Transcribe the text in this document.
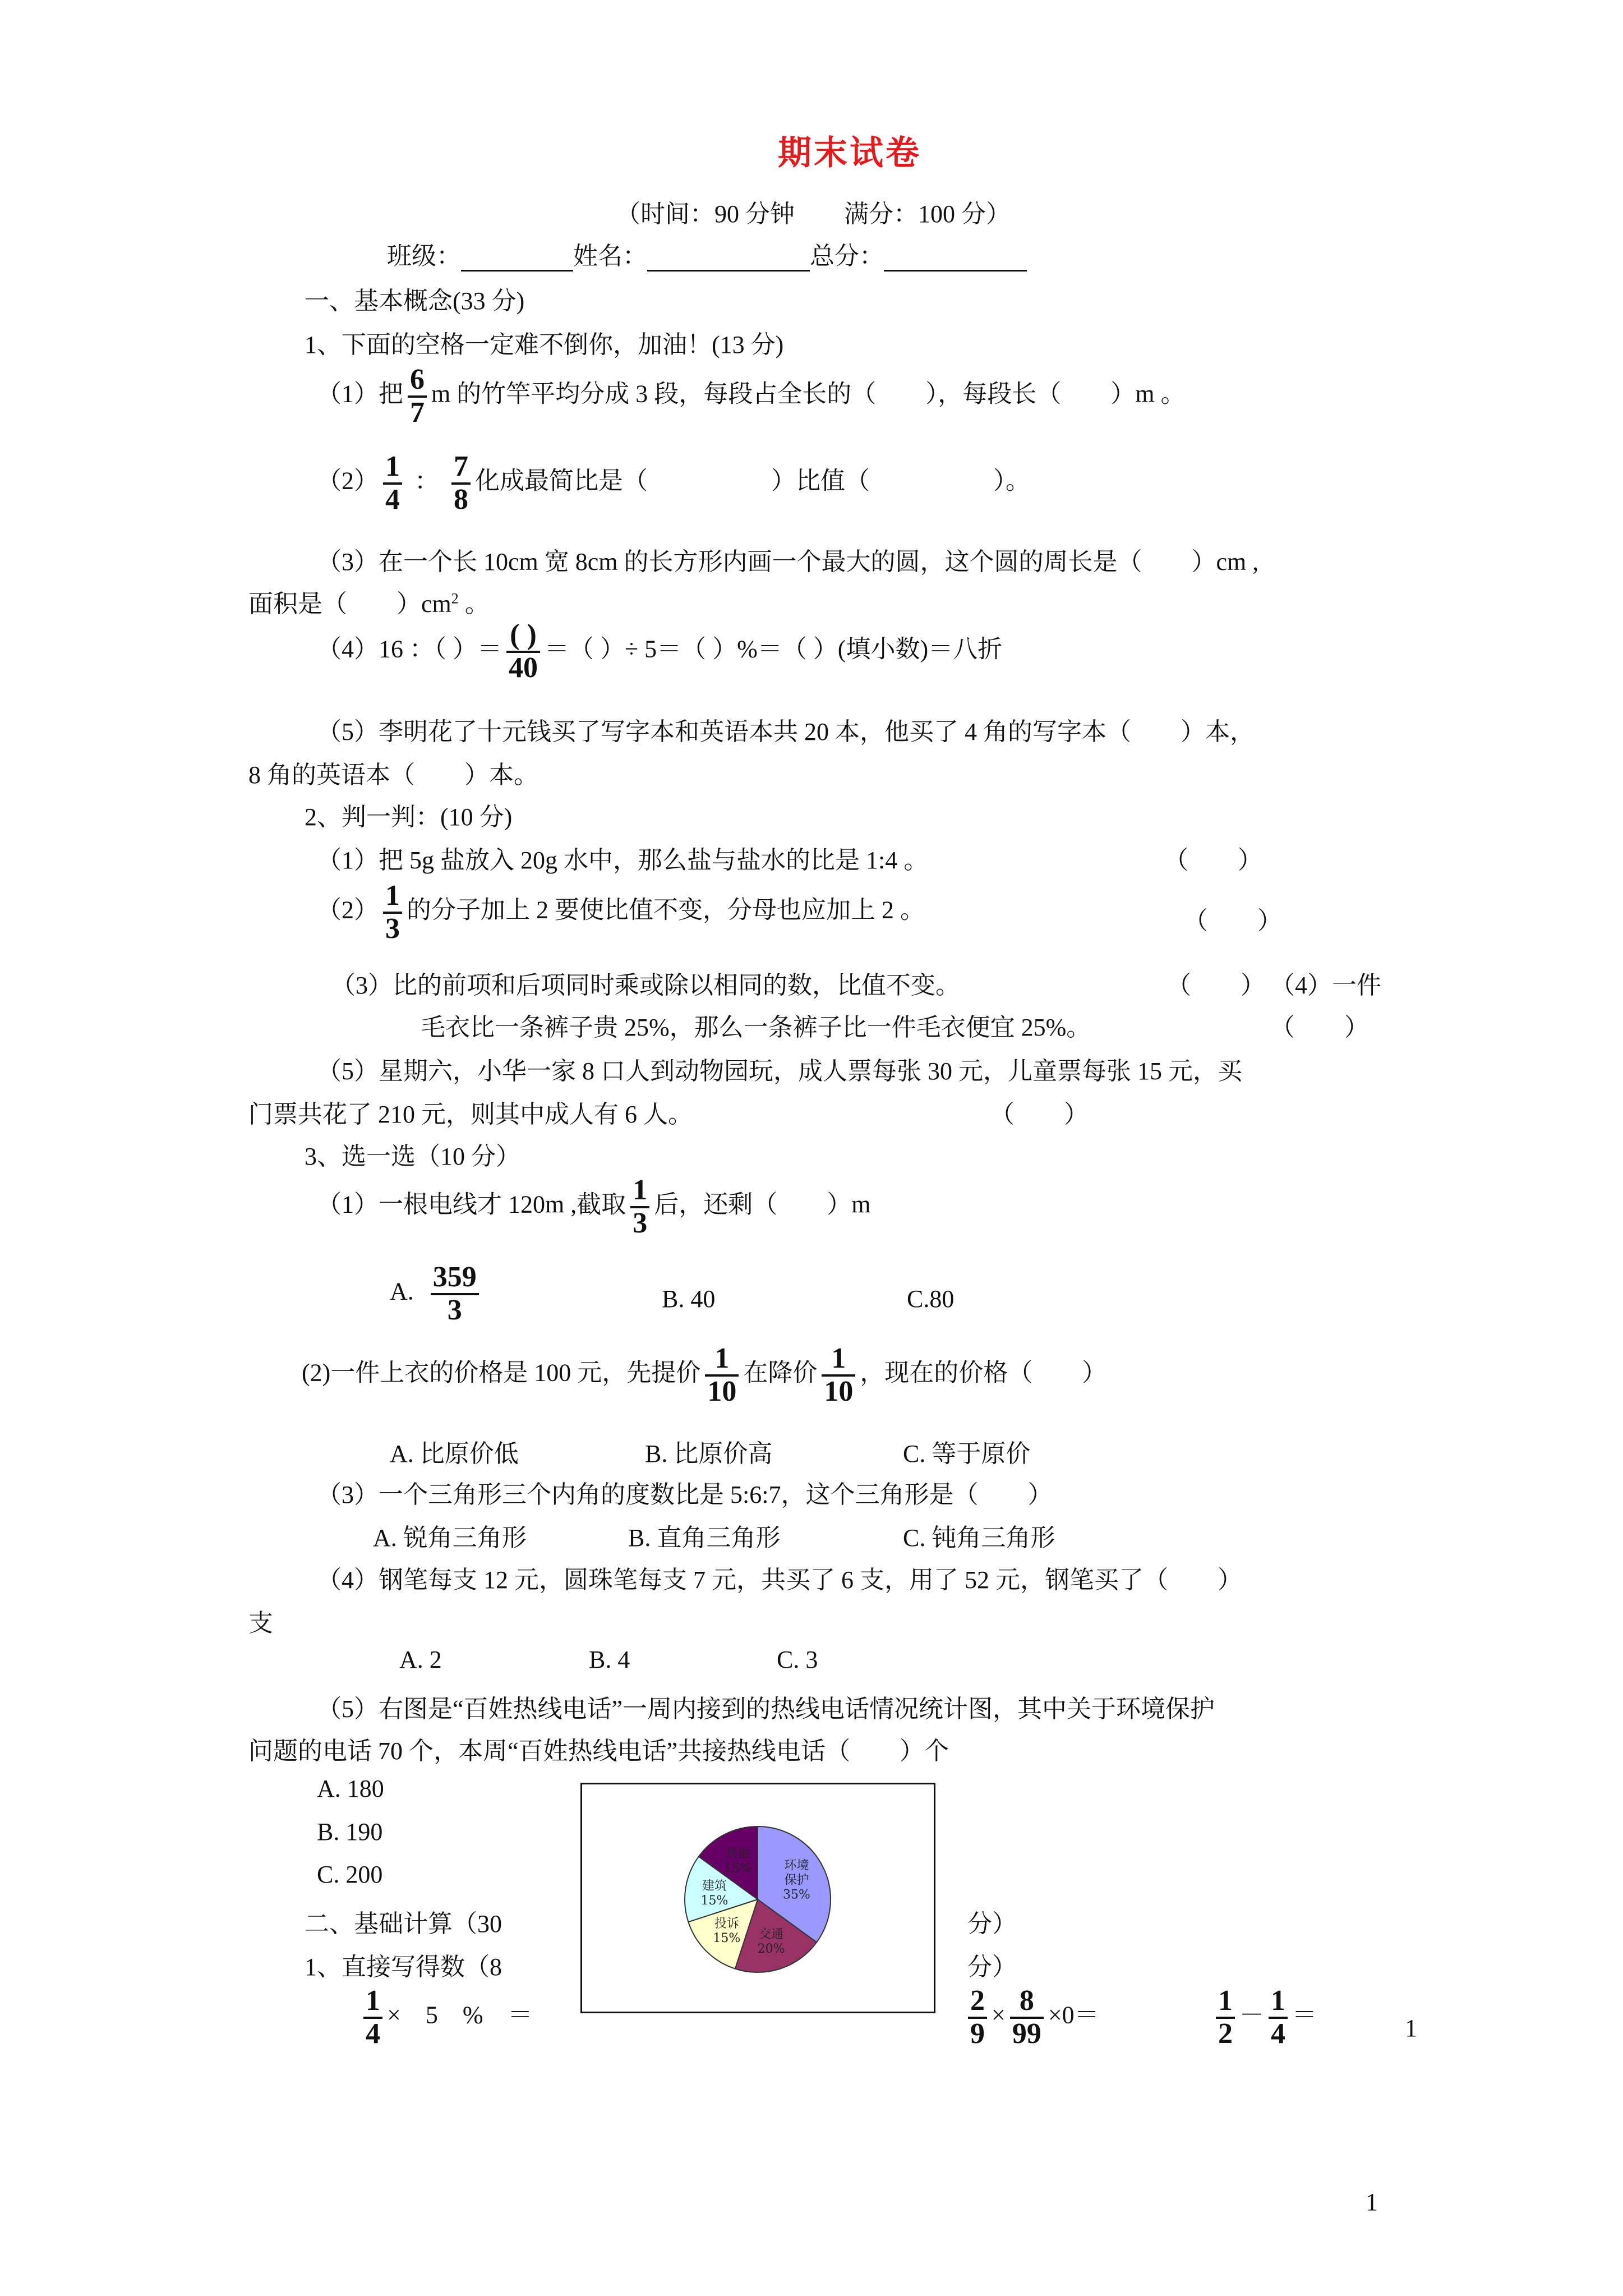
期末试卷
（时间：90 分钟　　满分：100 分）
班级：	姓名：	总分：
一、基本概念(33 分)
1、下面的空格一定难不倒你，加油！(13 分)
（1）把 $\frac{6}{7}$ m 的竹竿平均分成 3 段，每段占全长的（　　），每段长（　　）m 。
$(2) \frac{1}{4}$ ： $\frac{7}{8}$ 化成最简比是（　　　　　）比值（　　　　　）。
（3）在一个长 10cm 宽 8cm 的长方形内画一个最大的圆，这个圆的周长是（　　）cm ,
面积是（　　）$cm^2$ 。
（4）16 ：（ ）＝ $\frac{( )}{40}$ ＝（ ）÷ 5＝（ ）%＝（ ）(填小数)＝八折
（5）李明花了十元钱买了写字本和英语本共 20 本，他买了 4 角的写字本（　　）本，
8 角的英语本（　　）本。
2、判一判：(10 分)
（1）把 5g 盐放入 20g 水中，那么盐与盐水的比是 1:4 。	（　　）
$(2) \frac{1}{3}$ 的分子加上 2 要使比值不变，分母也应加上 2 。	（　　）
（3）比的前项和后项同时乘或除以相同的数，比值不变。	（　　） （4）一件
毛衣比一条裤子贵 25%，那么一条裤子比一件毛衣便宜 25%。	（　　）
（5）星期六，小华一家 8 口人到动物园玩，成人票每张 30 元，儿童票每张 15 元，买
门票共花了 210 元，则其中成人有 6 人。	（　　）
3、选一选（10 分）
（1）一根电线才 120m ,截取 $\frac{1}{3}$ 后，还剩（　　）m
A. $\frac{359}{3}$	B. 40	C.80
(2)一件上衣的价格是 100 元，先提价 $\frac{1}{10}$ 在降价 $\frac{1}{10}$ ，现在的价格（　　）
A. 比原价低	B. 比原价高	C. 等于原价
（3）一个三角形三个内角的度数比是 5:6:7，这个三角形是（　　）
A. 锐角三角形	B. 直角三角形	C. 钝角三角形
（4）钢笔每支 12 元，圆珠笔每支 7 元，共买了 6 支，用了 52 元，钢笔买了（　　）
支
A. 2	B. 4	C. 3
（5）右图是“百姓热线电话”一周内接到的热线电话情况统计图，其中关于环境保护
问题的电话 70 个，本周“百姓热线电话”共接热线电话（　　）个
A. 180
B. 190
C. 200	环境
保护
35%
交通
20%
投诉
15%
建筑
15%
其他
15%
二、基础计算（30	分）
1、直接写得数（8	分）
$\frac{1}{4}$ ×　5　%　＝	$\frac{2}{9} \times \frac{8}{99} \times 0=$	$\frac{1}{2} - \frac{1}{4}$ ＝	1
1
